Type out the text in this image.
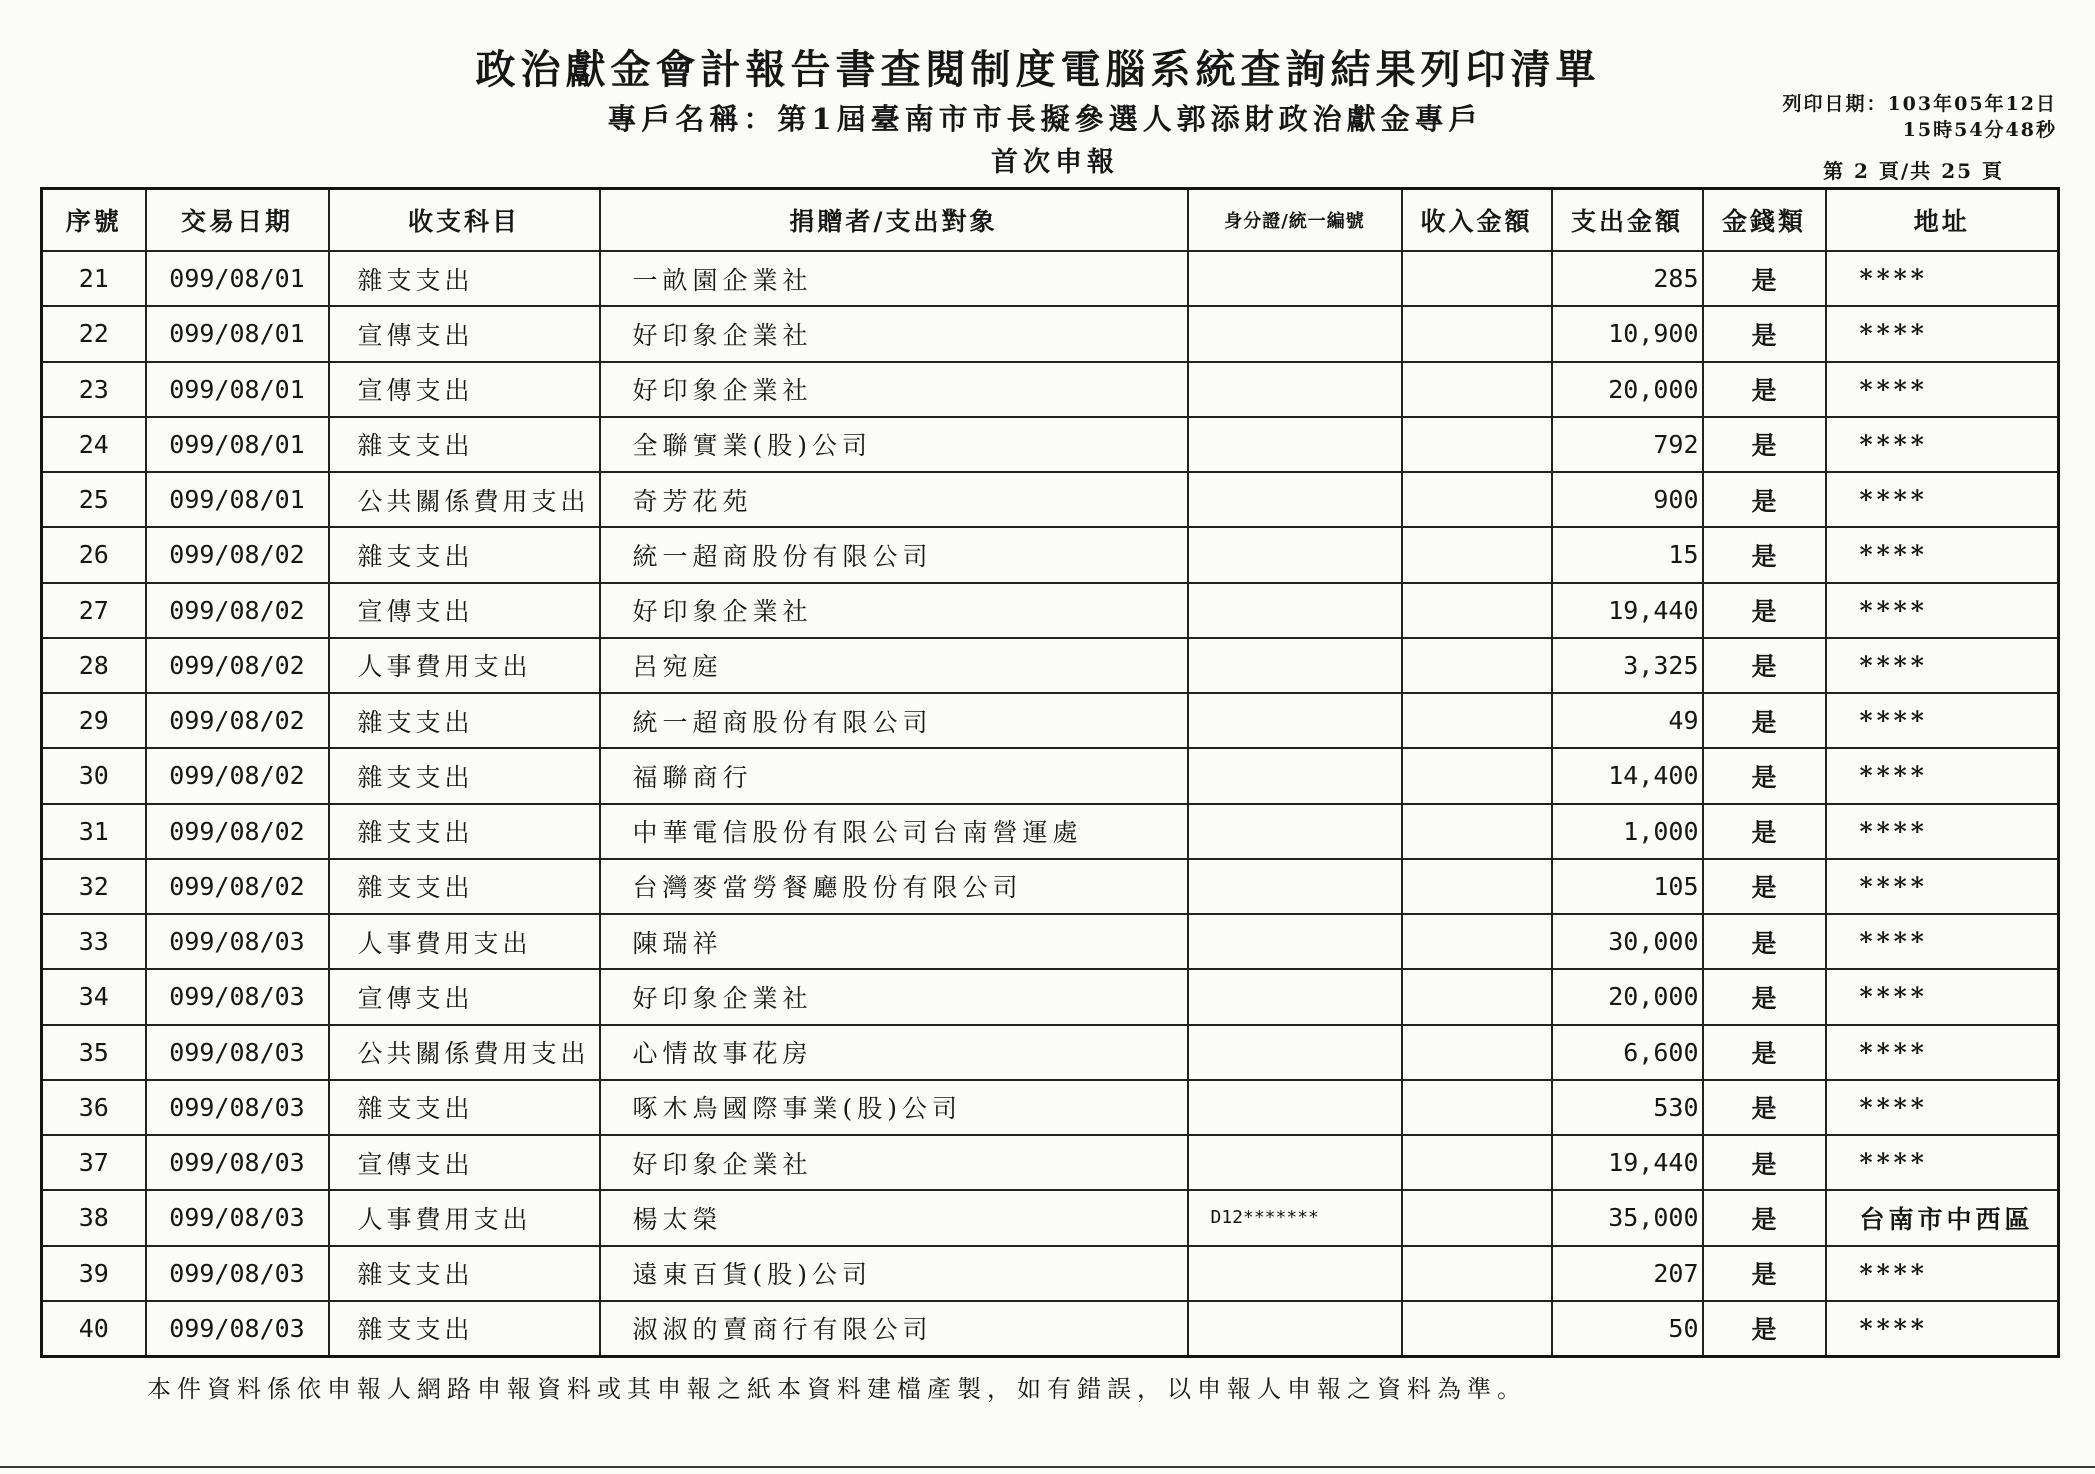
政治獻金會計報告書查閱制度電腦系統查詢結果列印清單
專戶名稱：第1屆臺南市市長擬參選人郭添財政治獻金專戶
首次申報
列印日期：103年05年12日
15時54分48秒
第 2 頁/共 25 頁
序號	交易日期	收支科目	捐贈者/支出對象	身分證/統一編號	收入金額	支出金額	金錢類	地址
21	099/08/01	雜支支出	一畝園企業社			285	是	****
22	099/08/01	宣傳支出	好印象企業社			10,900	是	****
23	099/08/01	宣傳支出	好印象企業社			20,000	是	****
24	099/08/01	雜支支出	全聯實業(股)公司			792	是	****
25	099/08/01	公共關係費用支出	奇芳花苑			900	是	****
26	099/08/02	雜支支出	統一超商股份有限公司			15	是	****
27	099/08/02	宣傳支出	好印象企業社			19,440	是	****
28	099/08/02	人事費用支出	呂宛庭			3,325	是	****
29	099/08/02	雜支支出	統一超商股份有限公司			49	是	****
30	099/08/02	雜支支出	福聯商行			14,400	是	****
31	099/08/02	雜支支出	中華電信股份有限公司台南營運處			1,000	是	****
32	099/08/02	雜支支出	台灣麥當勞餐廳股份有限公司			105	是	****
33	099/08/03	人事費用支出	陳瑞祥			30,000	是	****
34	099/08/03	宣傳支出	好印象企業社			20,000	是	****
35	099/08/03	公共關係費用支出	心情故事花房			6,600	是	****
36	099/08/03	雜支支出	啄木鳥國際事業(股)公司			530	是	****
37	099/08/03	宣傳支出	好印象企業社			19,440	是	****
38	099/08/03	人事費用支出	楊太榮	D12*******		35,000	是	台南市中西區
39	099/08/03	雜支支出	遠東百貨(股)公司			207	是	****
40	099/08/03	雜支支出	淑淑的賣商行有限公司			50	是	****
本件資料係依申報人網路申報資料或其申報之紙本資料建檔產製，如有錯誤，以申報人申報之資料為準。
